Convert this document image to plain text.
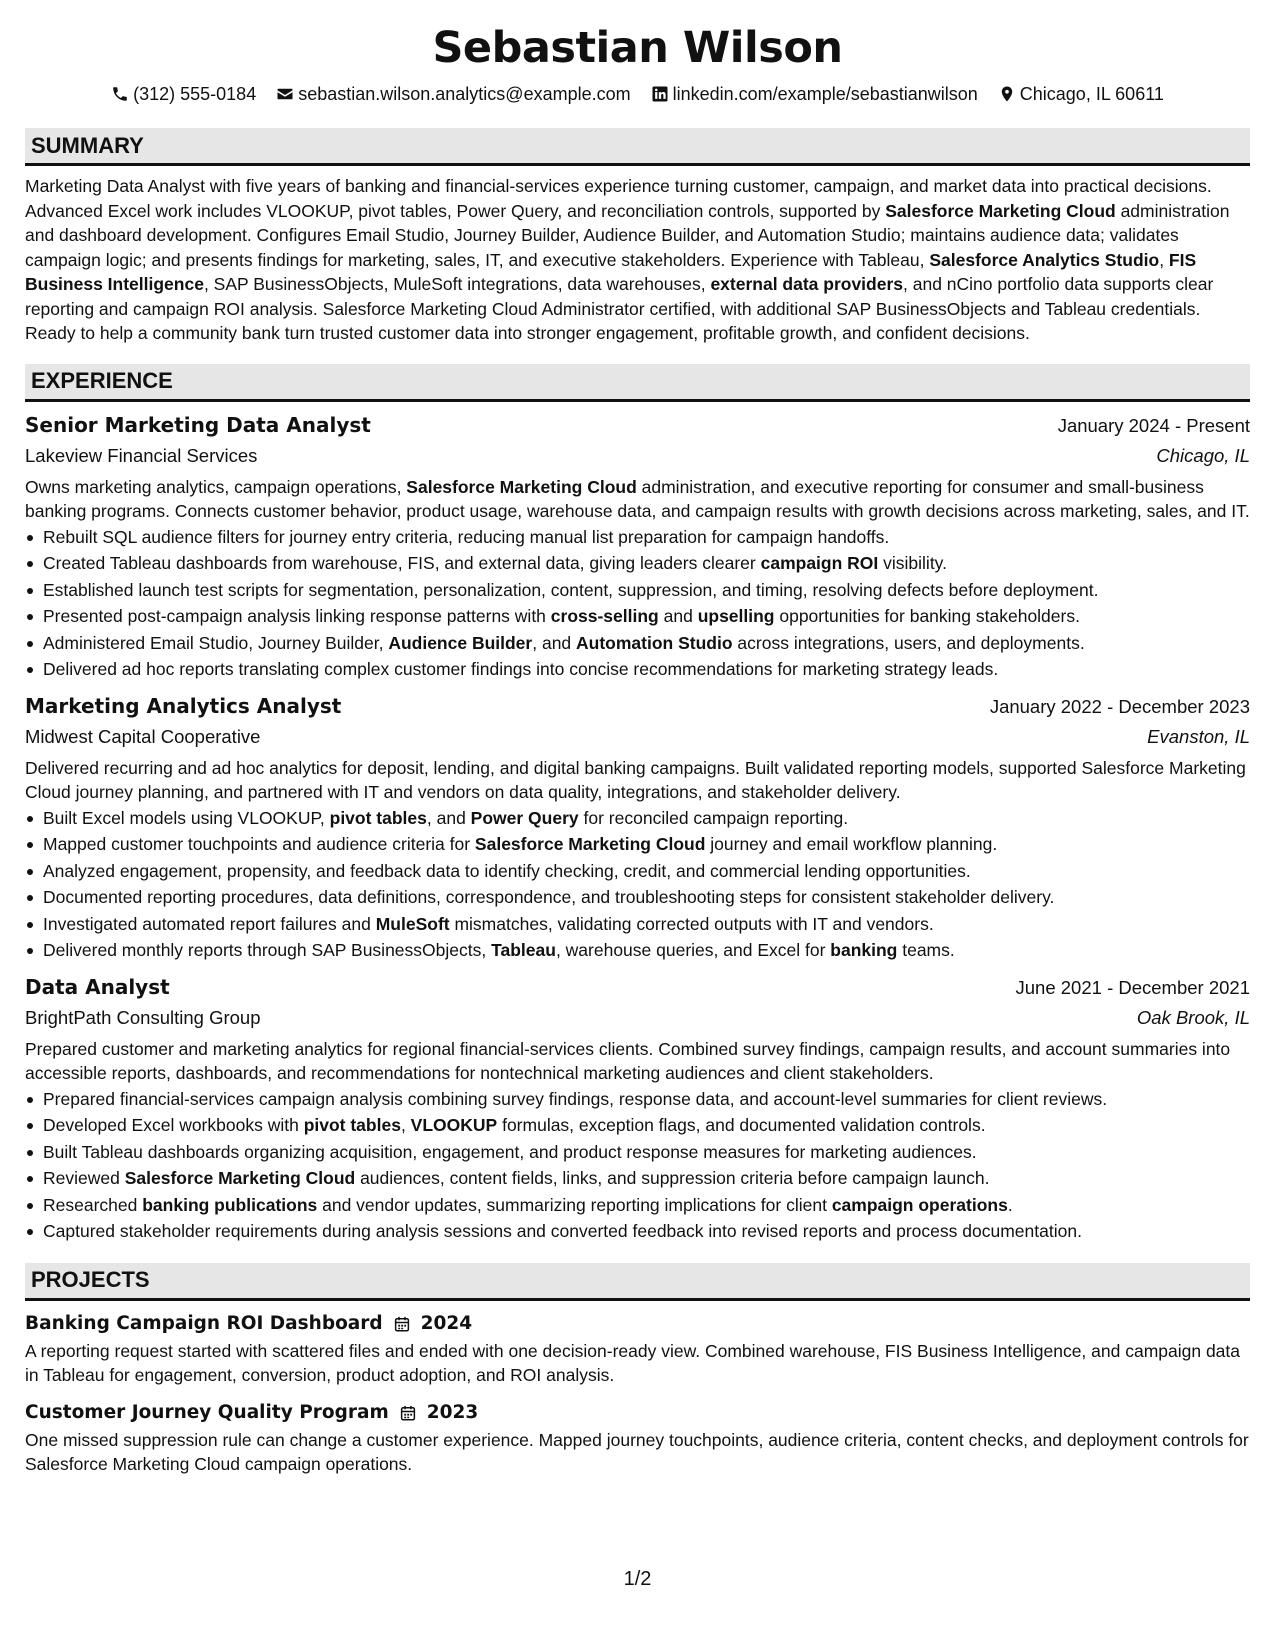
Sebastian Wilson
(312) 555-0184 sebastian.wilson.analytics@example.com linkedin.com/example/sebastianwilson Chicago, IL 60611
SUMMARY

Marketing Data Analyst with five years of banking and financial-services experience turning customer, campaign, and market data into practical decisions. Advanced Excel work includes VLOOKUP, pivot tables, Power Query, and reconciliation controls, supported by Salesforce Marketing Cloud administration and dashboard development. Configures Email Studio, Journey Builder, Audience Builder, and Automation Studio; maintains audience data; validates campaign logic; and presents findings for marketing, sales, IT, and executive stakeholders. Experience with Tableau, Salesforce Analytics Studio, FIS Business Intelligence, SAP BusinessObjects, MuleSoft integrations, data warehouses, external data providers, and nCino portfolio data supports clear reporting and campaign ROI analysis. Salesforce Marketing Cloud Administrator certified, with additional SAP BusinessObjects and Tableau credentials. Ready to help a community bank turn trusted customer data into stronger engagement, profitable growth, and confident decisions.

EXPERIENCE
Senior Marketing Data Analyst	January 2024 - Present
Lakeview Financial Services	Chicago, IL

Owns marketing analytics, campaign operations, Salesforce Marketing Cloud administration, and executive reporting for consumer and small-business banking programs. Connects customer behavior, product usage, warehouse data, and campaign results with growth decisions across marketing, sales, and IT.

Rebuilt SQL audience filters for journey entry criteria, reducing manual list preparation for campaign handoffs.
Created Tableau dashboards from warehouse, FIS, and external data, giving leaders clearer campaign ROI visibility.
Established launch test scripts for segmentation, personalization, content, suppression, and timing, resolving defects before deployment.
Presented post-campaign analysis linking response patterns with cross-selling and upselling opportunities for banking stakeholders.
Administered Email Studio, Journey Builder, Audience Builder, and Automation Studio across integrations, users, and deployments.
Delivered ad hoc reports translating complex customer findings into concise recommendations for marketing strategy leads.
Marketing Analytics Analyst	January 2022 - December 2023
Midwest Capital Cooperative	Evanston, IL

Delivered recurring and ad hoc analytics for deposit, lending, and digital banking campaigns. Built validated reporting models, supported Salesforce Marketing Cloud journey planning, and partnered with IT and vendors on data quality, integrations, and stakeholder delivery.

Built Excel models using VLOOKUP, pivot tables, and Power Query for reconciled campaign reporting.
Mapped customer touchpoints and audience criteria for Salesforce Marketing Cloud journey and email workflow planning.
Analyzed engagement, propensity, and feedback data to identify checking, credit, and commercial lending opportunities.
Documented reporting procedures, data definitions, correspondence, and troubleshooting steps for consistent stakeholder delivery.
Investigated automated report failures and MuleSoft mismatches, validating corrected outputs with IT and vendors.
Delivered monthly reports through SAP BusinessObjects, Tableau, warehouse queries, and Excel for banking teams.
Data Analyst	June 2021 - December 2021
BrightPath Consulting Group	Oak Brook, IL

Prepared customer and marketing analytics for regional financial-services clients. Combined survey findings, campaign results, and account summaries into accessible reports, dashboards, and recommendations for nontechnical marketing audiences and client stakeholders.

Prepared financial-services campaign analysis combining survey findings, response data, and account-level summaries for client reviews.
Developed Excel workbooks with pivot tables, VLOOKUP formulas, exception flags, and documented validation controls.
Built Tableau dashboards organizing acquisition, engagement, and product response measures for marketing audiences.
Reviewed Salesforce Marketing Cloud audiences, content fields, links, and suppression criteria before campaign launch.
Researched banking publications and vendor updates, summarizing reporting implications for client campaign operations.
Captured stakeholder requirements during analysis sessions and converted feedback into revised reports and process documentation.
PROJECTS
Banking Campaign ROI Dashboard 2024

A reporting request started with scattered files and ended with one decision-ready view. Combined warehouse, FIS Business Intelligence, and campaign data in Tableau for engagement, conversion, product adoption, and ROI analysis.

Customer Journey Quality Program 2023

One missed suppression rule can change a customer experience. Mapped journey touchpoints, audience criteria, content checks, and deployment controls for Salesforce Marketing Cloud campaign operations.

1/2
